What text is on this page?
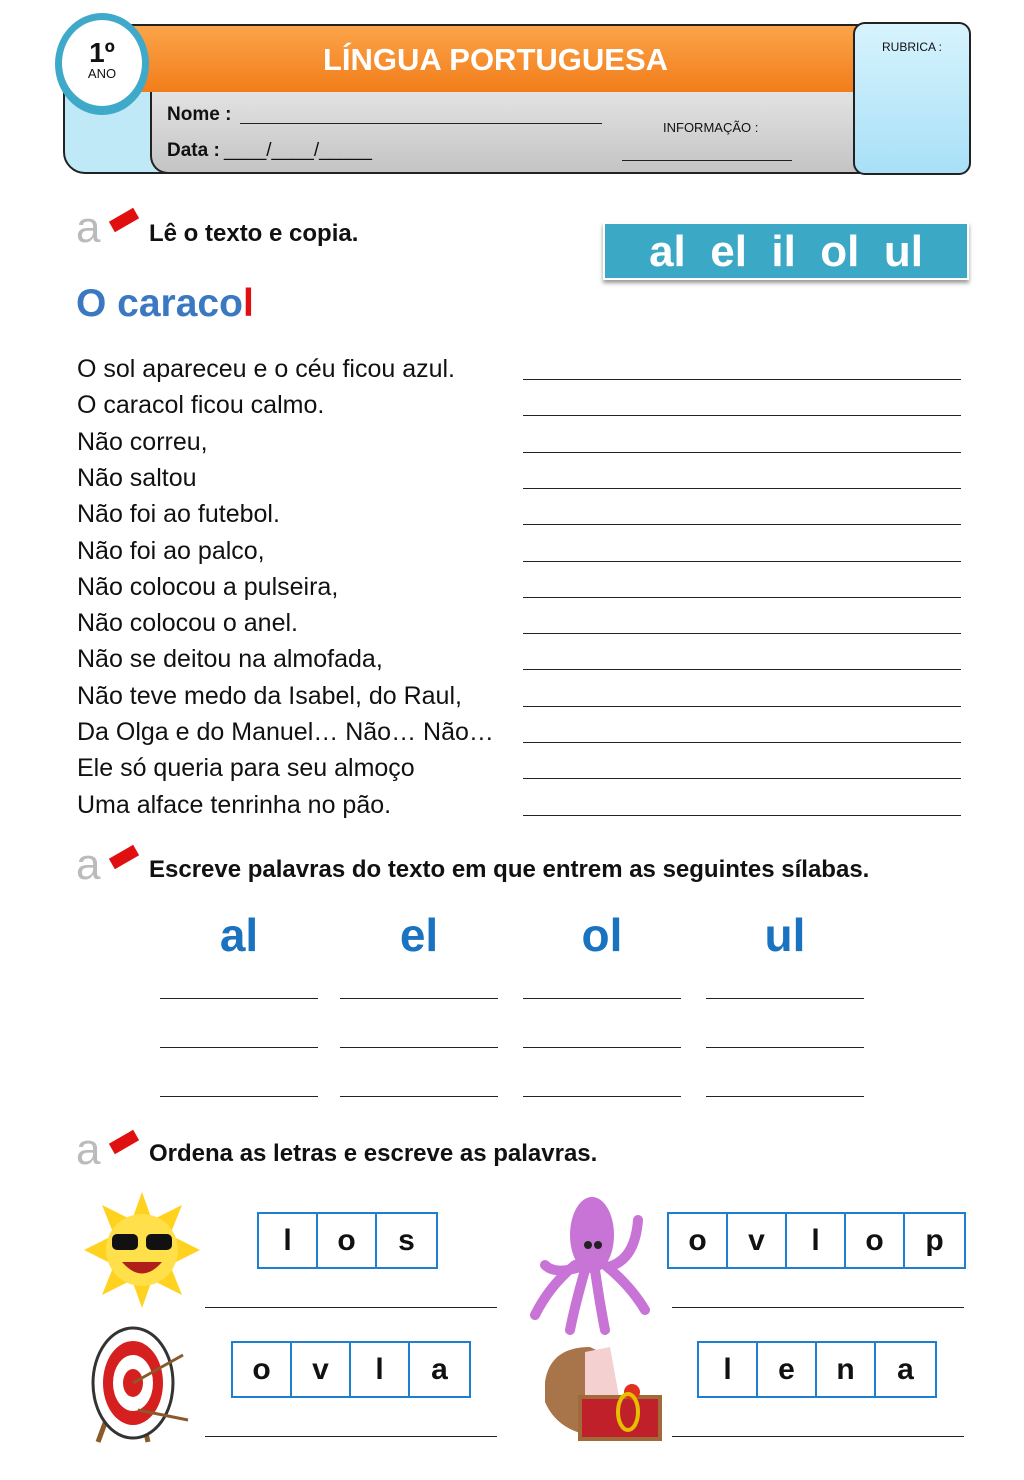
LÍNGUA PORTUGUESA	RUBRICA :
1º
ANO
Nome :
Data : ____/____/_____
INFORMAÇÃO :
a Lê o texto e copia.	al  el  il  ol  ul
O caracol
O sol apareceu e o céu ficou azul.
O caracol ficou calmo.
Não correu,
Não saltou
Não foi ao futebol.
Não foi ao palco,
Não colocou a pulseira,
Não colocou o anel.
Não se deitou na almofada,
Não teve medo da Isabel, do Raul,
Da Olga e do Manuel… Não… Não…
Ele só queria para seu almoço
Uma alface tenrinha no pão.
a Escreve palavras do texto em que entrem as seguintes sílabas.
al	el	ol	ul
a Ordena as letras e escreve as palavras.
l	o	s	o	v	l	o	p
o	v	l	a	l	e	n	a
